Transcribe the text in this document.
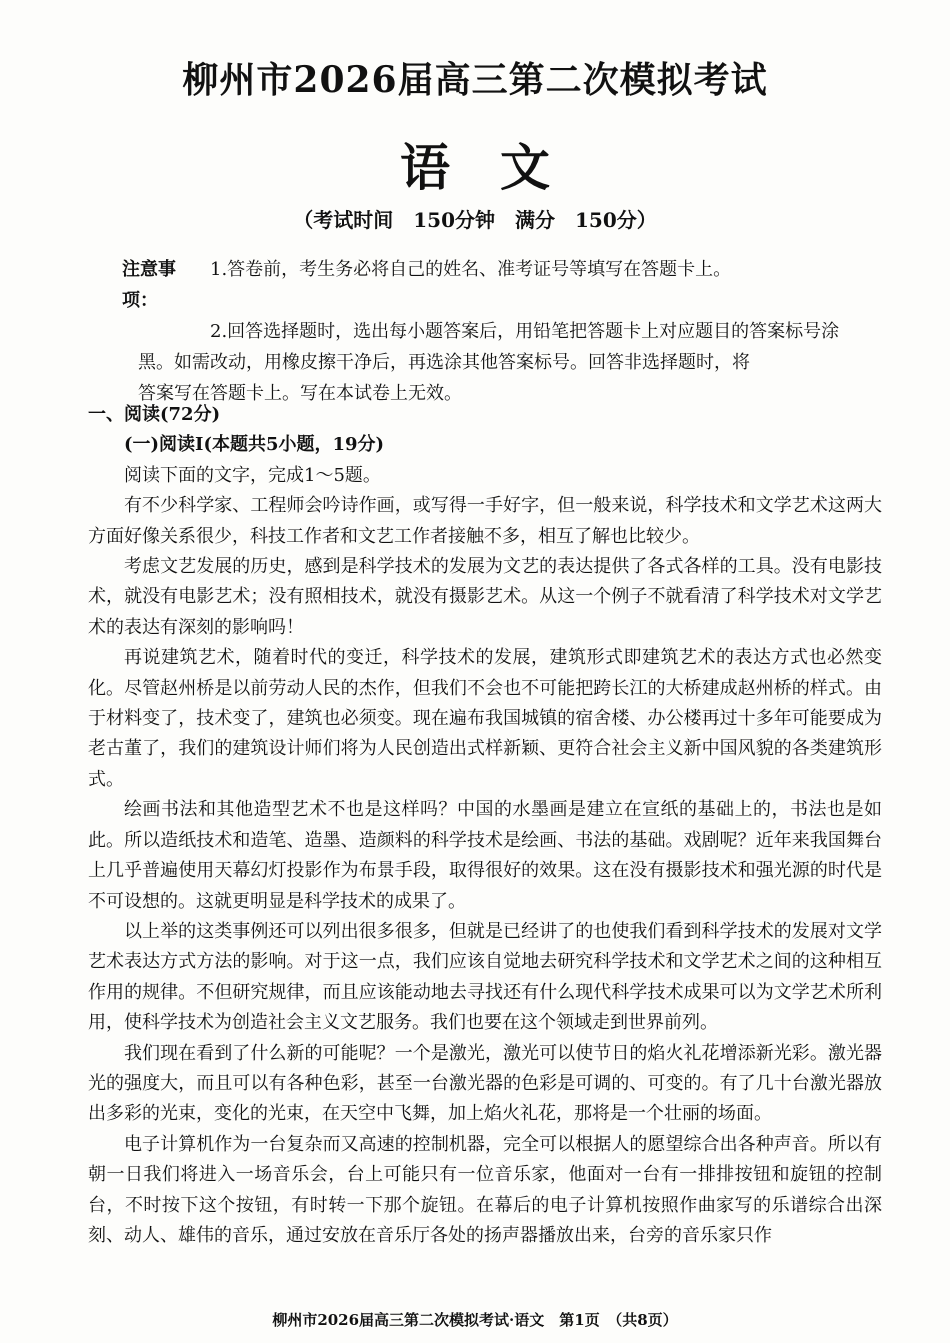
柳州市2026届高三第二次模拟考试
语文
（考试时间　150分钟　满分　150分）
注意事项：
1.答卷前，考生务必将自己的姓名、准考证号等填写在答题卡上。
2.回答选择题时，选出每小题答案后，用铅笔把答题卡上对应题目的答案标号涂
黑。如需改动，用橡皮擦干净后，再选涂其他答案标号。回答非选择题时，将
答案写在答题卡上。写在本试卷上无效。
一、阅读(72分)
(一)阅读I(本题共5小题，19分)
阅读下面的文字，完成1～5题。

有不少科学家、工程师会吟诗作画，或写得一手好字，但一般来说，科学技术和文学艺术这两大方面好像关系很少，科技工作者和文艺工作者接触不多，相互了解也比较少。

考虑文艺发展的历史，感到是科学技术的发展为文艺的表达提供了各式各样的工具。没有电影技术，就没有电影艺术；没有照相技术，就没有摄影艺术。从这一个例子不就看清了科学技术对文学艺术的表达有深刻的影响吗！

再说建筑艺术，随着时代的变迁，科学技术的发展，建筑形式即建筑艺术的表达方式也必然变化。尽管赵州桥是以前劳动人民的杰作，但我们不会也不可能把跨长江的大桥建成赵州桥的样式。由于材料变了，技术变了，建筑也必须变。现在遍布我国城镇的宿舍楼、办公楼再过十多年可能要成为老古董了，我们的建筑设计师们将为人民创造出式样新颖、更符合社会主义新中国风貌的各类建筑形式。

绘画书法和其他造型艺术不也是这样吗？中国的水墨画是建立在宣纸的基础上的，书法也是如此。所以造纸技术和造笔、造墨、造颜料的科学技术是绘画、书法的基础。戏剧呢？近年来我国舞台上几乎普遍使用天幕幻灯投影作为布景手段，取得很好的效果。这在没有摄影技术和强光源的时代是不可设想的。这就更明显是科学技术的成果了。

以上举的这类事例还可以列出很多很多，但就是已经讲了的也使我们看到科学技术的发展对文学艺术表达方式方法的影响。对于这一点，我们应该自觉地去研究科学技术和文学艺术之间的这种相互作用的规律。不但研究规律，而且应该能动地去寻找还有什么现代科学技术成果可以为文学艺术所利用，使科学技术为创造社会主义文艺服务。我们也要在这个领域走到世界前列。

我们现在看到了什么新的可能呢？一个是激光，激光可以使节日的焰火礼花增添新光彩。激光器光的强度大，而且可以有各种色彩，甚至一台激光器的色彩是可调的、可变的。有了几十台激光器放出多彩的光束，变化的光束，在天空中飞舞，加上焰火礼花，那将是一个壮丽的场面。

电子计算机作为一台复杂而又高速的控制机器，完全可以根据人的愿望综合出各种声音。所以有朝一日我们将进入一场音乐会，台上可能只有一位音乐家，他面对一台有一排排按钮和旋钮的控制台，不时按下这个按钮，有时转一下那个旋钮。在幕后的电子计算机按照作曲家写的乐谱综合出深刻、动人、雄伟的音乐，通过安放在音乐厅各处的扬声器播放出来，台旁的音乐家只作

柳州市2026届高三第二次模拟考试·语文　第1页　（共8页）
